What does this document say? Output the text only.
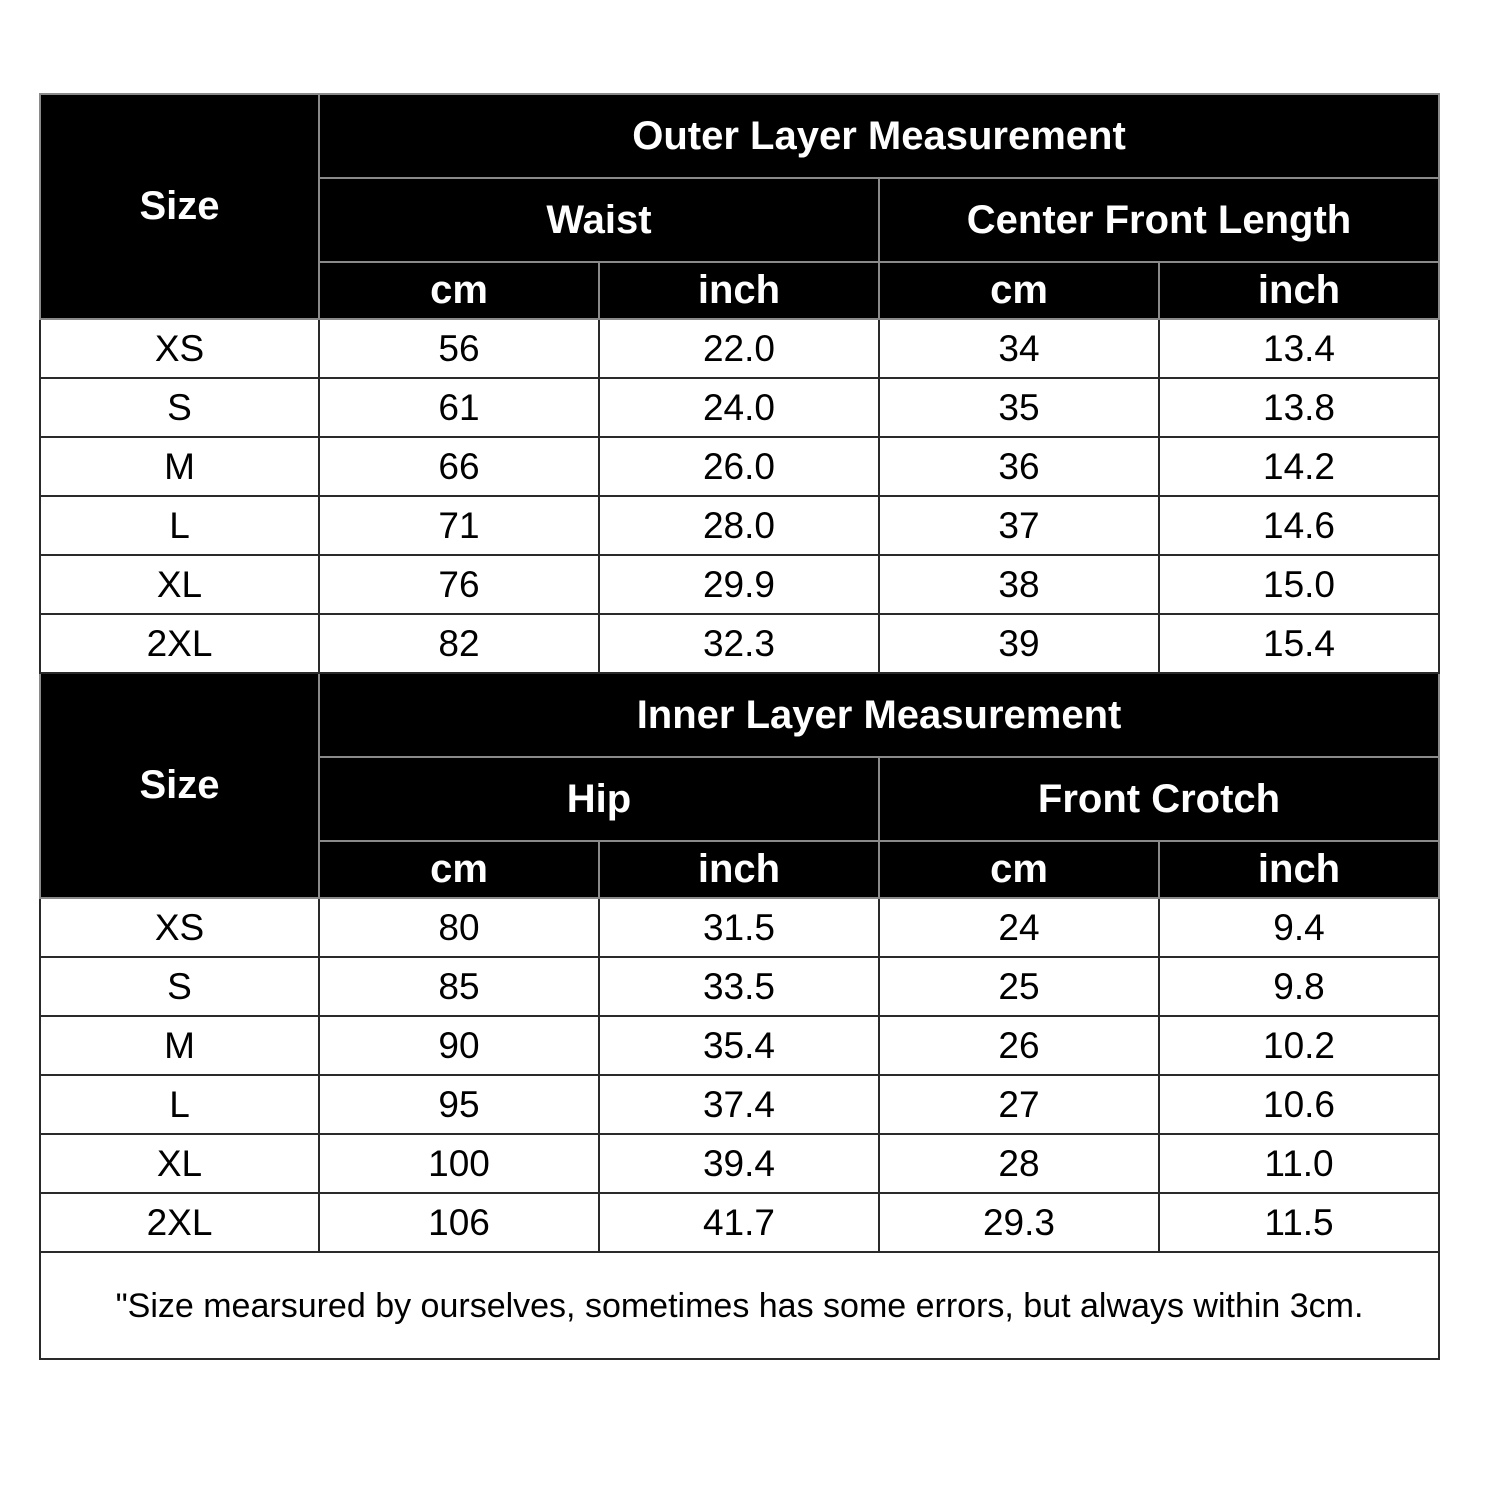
Size	Outer Layer Measurement			
	Waist		Center Front Length	
	cm	inch	cm	inch
XS	56	22.0	34	13.4
S	61	24.0	35	13.8
M	66	26.0	36	14.2
L	71	28.0	37	14.6
XL	76	29.9	38	15.0
2XL	82	32.3	39	15.4
Size	Inner Layer Measurement			
	Hip		Front Crotch	
	cm	inch	cm	inch
XS	80	31.5	24	9.4
S	85	33.5	25	9.8
M	90	35.4	26	10.2
L	95	37.4	27	10.6
XL	100	39.4	28	11.0
2XL	106	41.7	29.3	11.5
"Size mearsured by ourselves, sometimes has some errors, but always within 3cm.				
